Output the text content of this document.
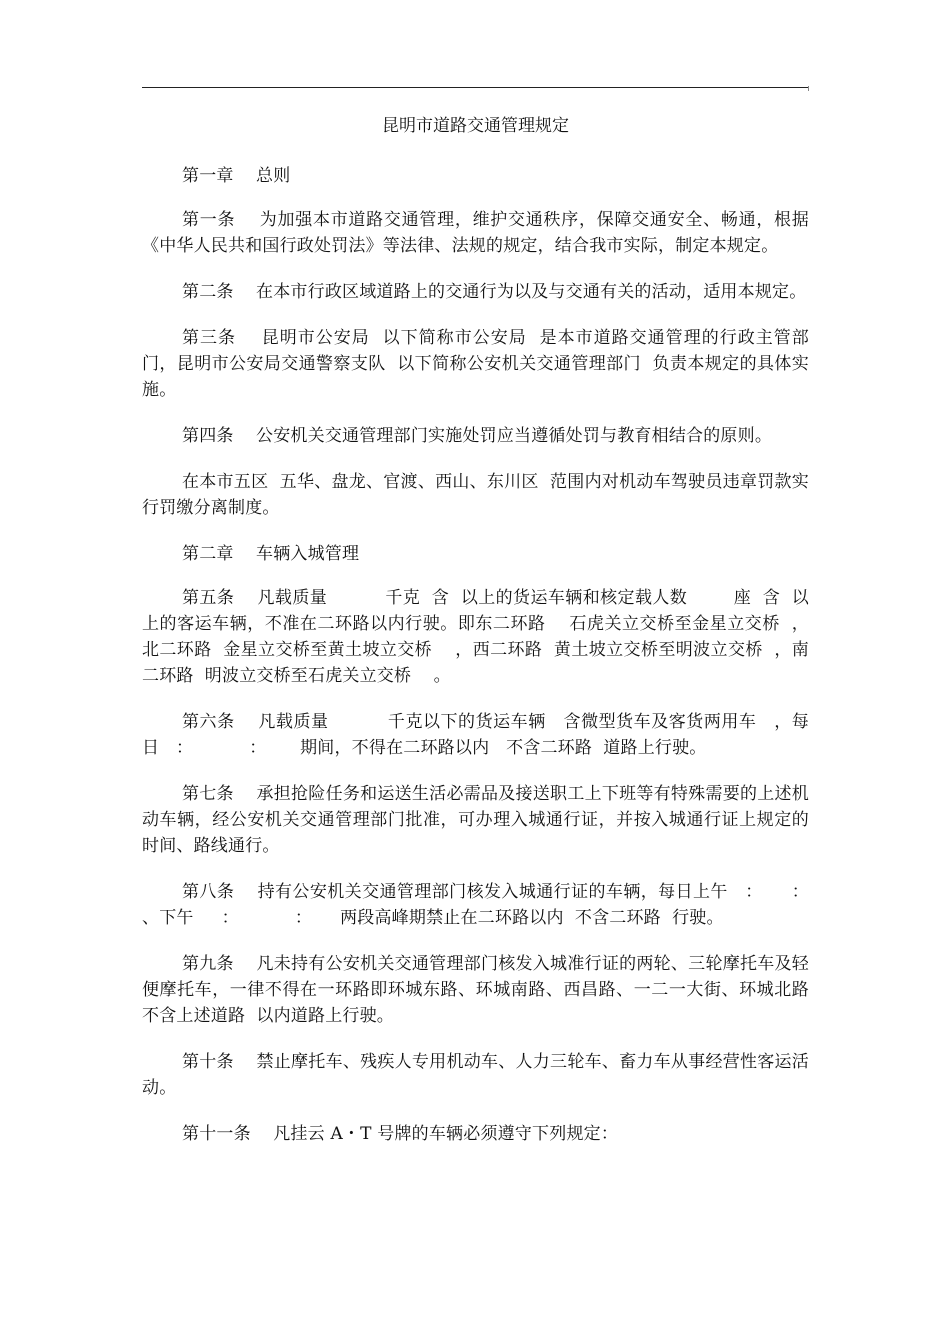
昆明市道路交通管理规定

第一章 总则

第一条 为加强本市道路交通管理，维护交通秩序，保障交通安全、畅通，根据《中华人民共和国行政处罚法》等法律、法规的规定，结合我市实际，制定本规定。

第二条 在本市行政区域道路上的交通行为以及与交通有关的活动，适用本规定。

第三条 昆明市公安局  以下简称市公安局  是本市道路交通管理的行政主管部门，昆明市公安局交通警察支队  以下简称公安机关交通管理部门  负责本规定的具体实施。

第四条 公安机关交通管理部门实施处罚应当遵循处罚与教育相结合的原则。

在本市五区  五华、盘龙、官渡、西山、东川区  范围内对机动车驾驶员违章罚款实行罚缴分离制度。

第二章 车辆入城管理

第五条 凡载质量          千克  含  以上的货运车辆和核定载人数        座  含  以上的客运车辆，不准在二环路以内行驶。即东二环路    石虎关立交桥至金星立交桥  ，北二环路  金星立交桥至黄土坡立交桥    ，西二环路  黄土坡立交桥至明波立交桥  ，南二环路  明波立交桥至石虎关立交桥    。

第六条 凡载质量          千克以下的货运车辆   含微型货车及客货两用车   ，每日   ：          ：      期间，不得在二环路以内   不含二环路  道路上行驶。

第七条 承担抢险任务和运送生活必需品及接送职工上下班等有特殊需要的上述机动车辆，经公安机关交通管理部门批准，可办理入城通行证，并按入城通行证上规定的时间、路线通行。

第八条 持有公安机关交通管理部门核发入城通行证的车辆，每日上午   ：     ：    、下午     ：          ：     两段高峰期禁止在二环路以内  不含二环路  行驶。

第九条 凡未持有公安机关交通管理部门核发入城准行证的两轮、三轮摩托车及轻便摩托车，一律不得在一环路即环城东路、环城南路、西昌路、一二一大街、环城北路  不含上述道路  以内道路上行驶。

第十条 禁止摩托车、残疾人专用机动车、人力三轮车、畜力车从事经营性客运活动。

第十一条 凡挂云 A・T 号牌的车辆必须遵守下列规定：
